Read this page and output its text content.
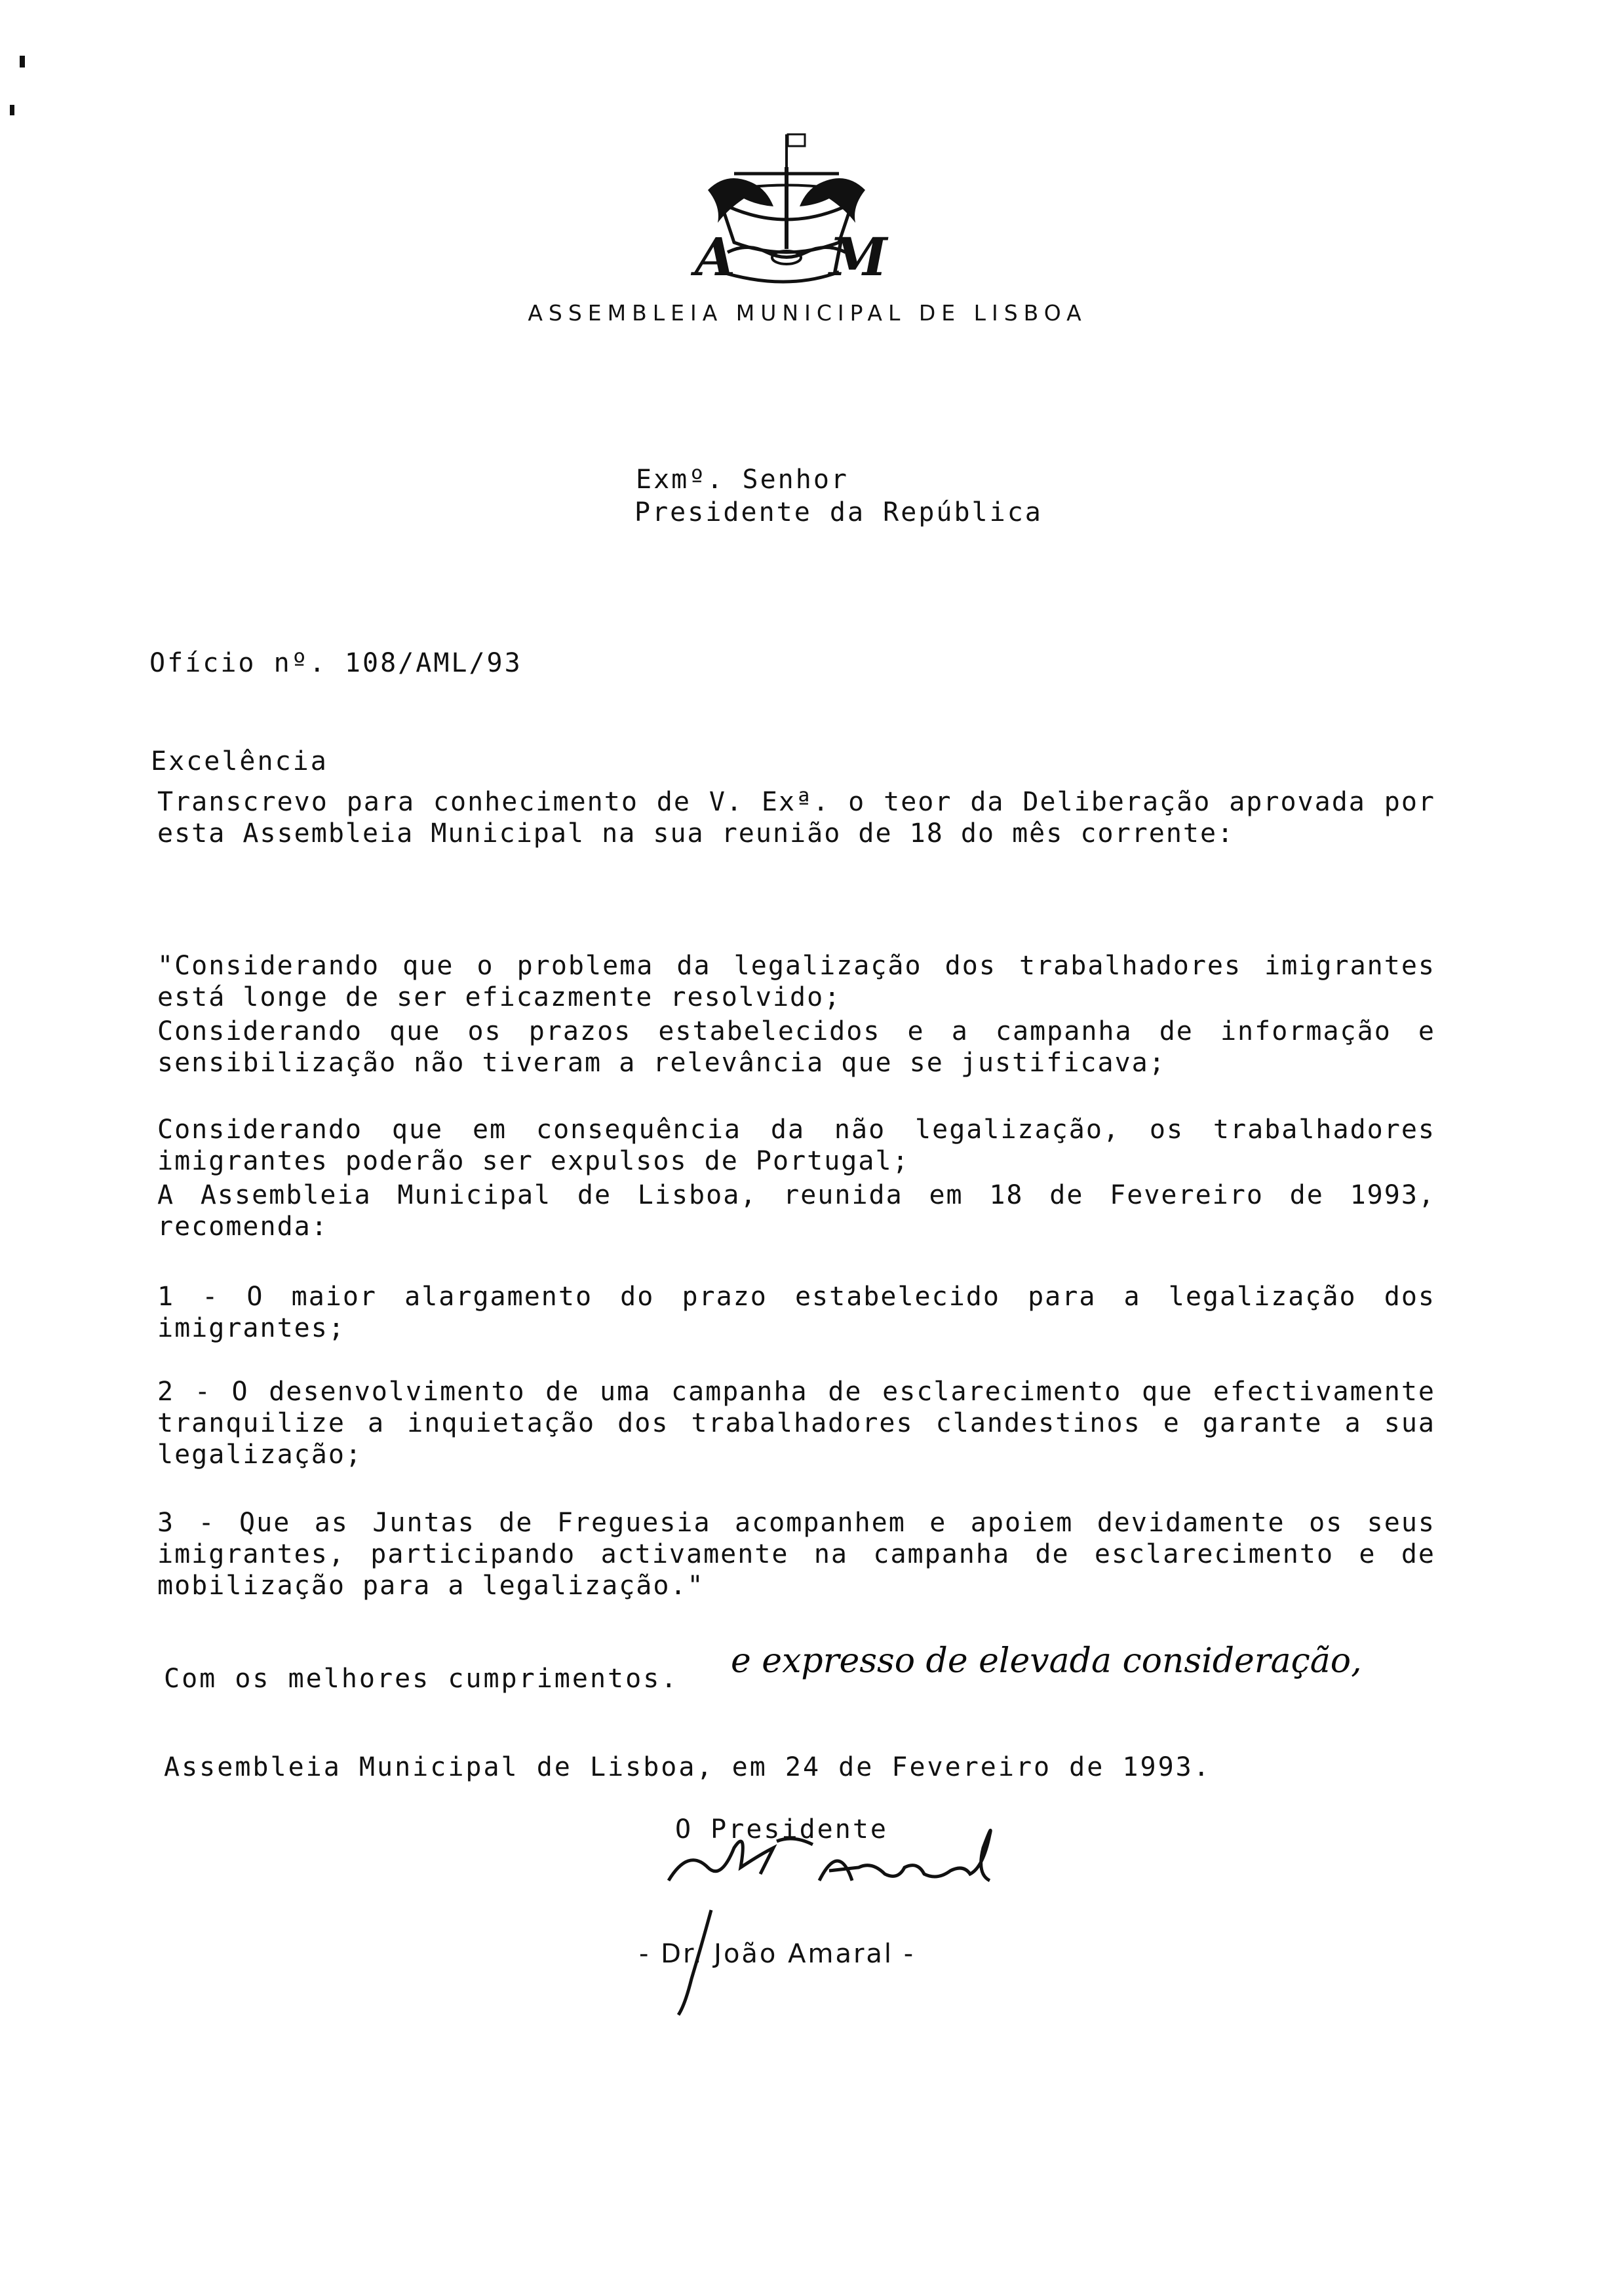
A M
ASSEMBLEIA MUNICIPAL DE LISBOA
Exmº. Senhor
Presidente da República
Ofício nº. 108/AML/93
Excelência
Transcrevo para conhecimento de V. Exª. o teor da Deliberação aprovada por esta Assembleia Municipal na sua reunião de 18 do mês corrente:
"Considerando que o problema da legalização dos trabalhadores imigrantes está longe de ser eficazmente resolvido;
Considerando que os prazos estabelecidos e a campanha de informação e sensibilização não tiveram a relevância que se justificava;
Considerando que em consequência da não legalização, os trabalhadores imigrantes poderão ser expulsos de Portugal;
A Assembleia Municipal de Lisboa, reunida em 18 de Fevereiro de 1993, recomenda:
1 - O maior alargamento do prazo estabelecido para a legalização dos imigrantes;
2 - O desenvolvimento de uma campanha de esclarecimento que efectivamente tranquilize a inquietação dos trabalhadores clandestinos e garante a sua legalização;
3 - Que as Juntas de Freguesia acompanhem e apoiem devidamente os seus imigrantes, participando activamente na campanha de esclarecimento e de mobilização para a legalização."
Com os melhores cumprimentos. e expresso de elevada consideração,
Assembleia Municipal de Lisboa, em 24 de Fevereiro de 1993.
O Presidente
- Dr. João Amaral -
